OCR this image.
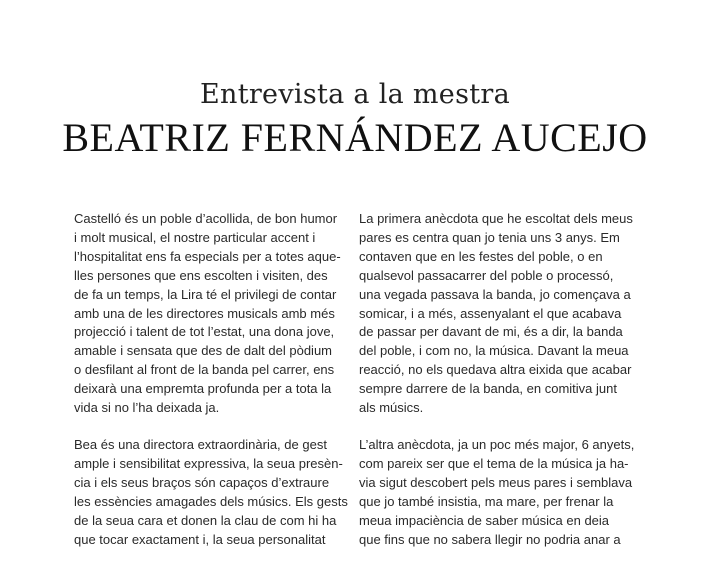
Entrevista a la mestra
BEATRIZ FERNÁNDEZ AUCEJO
Castelló és un poble d’acollida, de bon humor
i molt musical, el nostre particular accent i
l’hospitalitat ens fa especials per a totes aque-
lles persones que ens escolten i visiten, des
de fa un temps, la Lira té el privilegi de contar
amb una de les directores musicals amb més
projecció i talent de tot l’estat, una dona jove,
amable i sensata que des de dalt del pòdium
o desfilant al front de la banda pel carrer, ens
deixarà una empremta profunda per a tota la
vida si no l’ha deixada ja.
Bea és una directora extraordinària, de gest
ample i sensibilitat expressiva, la seua presèn-
cia i els seus braços són capaços d’extraure
les essències amagades dels músics. Els gests
de la seua cara et donen la clau de com hi ha
que tocar exactament i, la seua personalitat
La primera anècdota que he escoltat dels meus
pares es centra quan jo tenia uns 3 anys. Em
contaven que en les festes del poble, o en
qualsevol passacarrer del poble o processó,
una vegada passava la banda, jo començava a
somicar, i a més, assenyalant el que acabava
de passar per davant de mi, és a dir, la banda
del poble, i com no, la música. Davant la meua
reacció, no els quedava altra eixida que acabar
sempre darrere de la banda, en comitiva junt
als músics.
L’altra anècdota, ja un poc més major, 6 anyets,
com pareix ser que el tema de la música ja ha-
via sigut descobert pels meus pares i semblava
que jo també insistia, ma mare, per frenar la
meua impaciència de saber música en deia
que fins que no sabera llegir no podria anar a
